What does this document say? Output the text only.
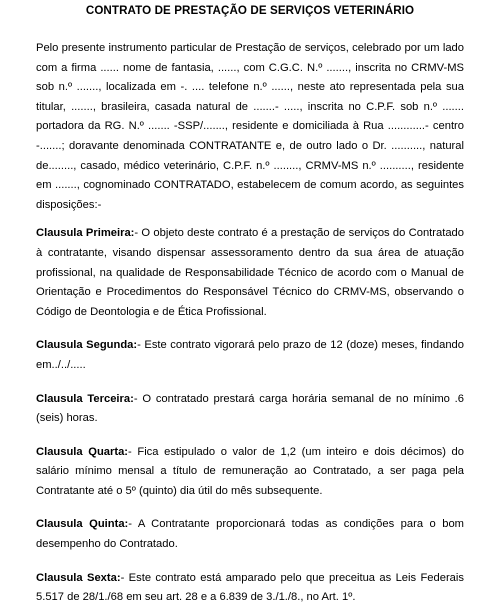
CONTRATO DE PRESTAÇÃO DE SERVIÇOS VETERINÁRIO

Pelo presente instrumento particular de Prestação de serviços, celebrado por um lado com a firma ...... nome de fantasia, ......, com C.G.C. N.º ......., inscrita no CRMV-MS sob n.º ......., localizada em -. .... telefone n.º ......, neste ato representada pela sua titular, ......., brasileira, casada natural de .......- ....., inscrita no C.P.F. sob n.º ....... portadora da RG. N.º ....... -SSP/......., residente e domiciliada à Rua ............- centro -.......; doravante denominada CONTRATANTE e, de outro lado o Dr. .........., natural de........, casado, médico veterinário, C.P.F. n.º ........, CRMV-MS n.º .........., residente em ......., cognominado CONTRATADO, estabelecem de comum acordo, as seguintes disposições:-

Clausula Primeira:- O objeto deste contrato é a prestação de serviços do Contratado à contratante, visando dispensar assessoramento dentro da sua área de atuação profissional, na qualidade de Responsabilidade Técnico de acordo com o Manual de Orientação e Procedimentos do Responsável Técnico do CRMV-MS, observando o Código de Deontologia e de Ética Profissional.

Clausula Segunda:- Este contrato vigorará pelo prazo de 12 (doze) meses, findando em../../.....

Clausula Terceira:- O contratado prestará carga horária semanal de no mínimo .6 (seis) horas.

Clausula Quarta:- Fica estipulado o valor de 1,2 (um inteiro e dois décimos) do salário mínimo mensal a título de remuneração ao Contratado, a ser paga pela Contratante até o 5º (quinto) dia útil do mês subsequente.

Clausula Quinta:- A Contratante proporcionará todas as condições para o bom desempenho do Contratado.

Clausula Sexta:- Este contrato está amparado pelo que preceitua as Leis Federais 5.517 de 28/1./68 em seu art. 28 e a 6.839 de 3./1./8., no Art. 1º.
